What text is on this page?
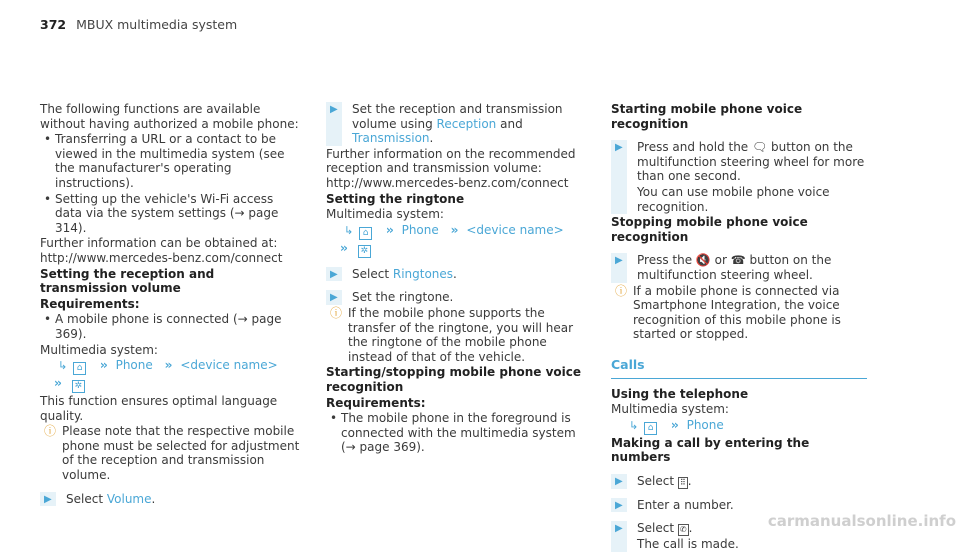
372 MBUX multimedia system

The following functions are available without having authorized a mobile phone:

• Transferring a URL or a contact to be viewed in the multimedia system (see the manufacturer's operating instructions).

• Setting up the vehicle's Wi-Fi access data via the system settings (→ page 314).

Further information can be obtained at: http://www.mercedes-benz.com/connect

Setting the reception and transmission volume

Requirements:

• A mobile phone is connected (→ page 369).

Multimedia system:

↳ ⌂ ›› Phone ›› <device name>

›› ✲

This function ensures optimal language quality.

ⓘ Please note that the respective mobile phone must be selected for adjustment of the reception and transmission volume.

▶ Select Volume.

▶ Set the reception and transmission volume using Reception and Transmission.

Further information on the recommended reception and transmission volume: http://www.mercedes-benz.com/connect

Setting the ringtone

Multimedia system:

↳ ⌂ ›› Phone ›› <device name>

›› ✲

▶ Select Ringtones.

▶ Set the ringtone.

ⓘ If the mobile phone supports the transfer of the ringtone, you will hear the ringtone of the mobile phone instead of that of the vehicle.

Starting/stopping mobile phone voice recognition

Requirements:

• The mobile phone in the foreground is connected with the multimedia system (→ page 369).

Starting mobile phone voice recognition

▶ Press and hold the 🗨 button on the multifunction steering wheel for more than one second.

You can use mobile phone voice recognition.

Stopping mobile phone voice recognition

▶ Press the 🔇 or ☎ button on the multifunction steering wheel.

ⓘ If a mobile phone is connected via Smartphone Integration, the voice recognition of this mobile phone is started or stopped.

Calls

Using the telephone

Multimedia system:

↳ ⌂ ›› Phone

Making a call by entering the numbers

▶ Select ⠿ .

▶ Enter a number.

▶ Select ✆ .

The call is made.

carmanualsonline.info
